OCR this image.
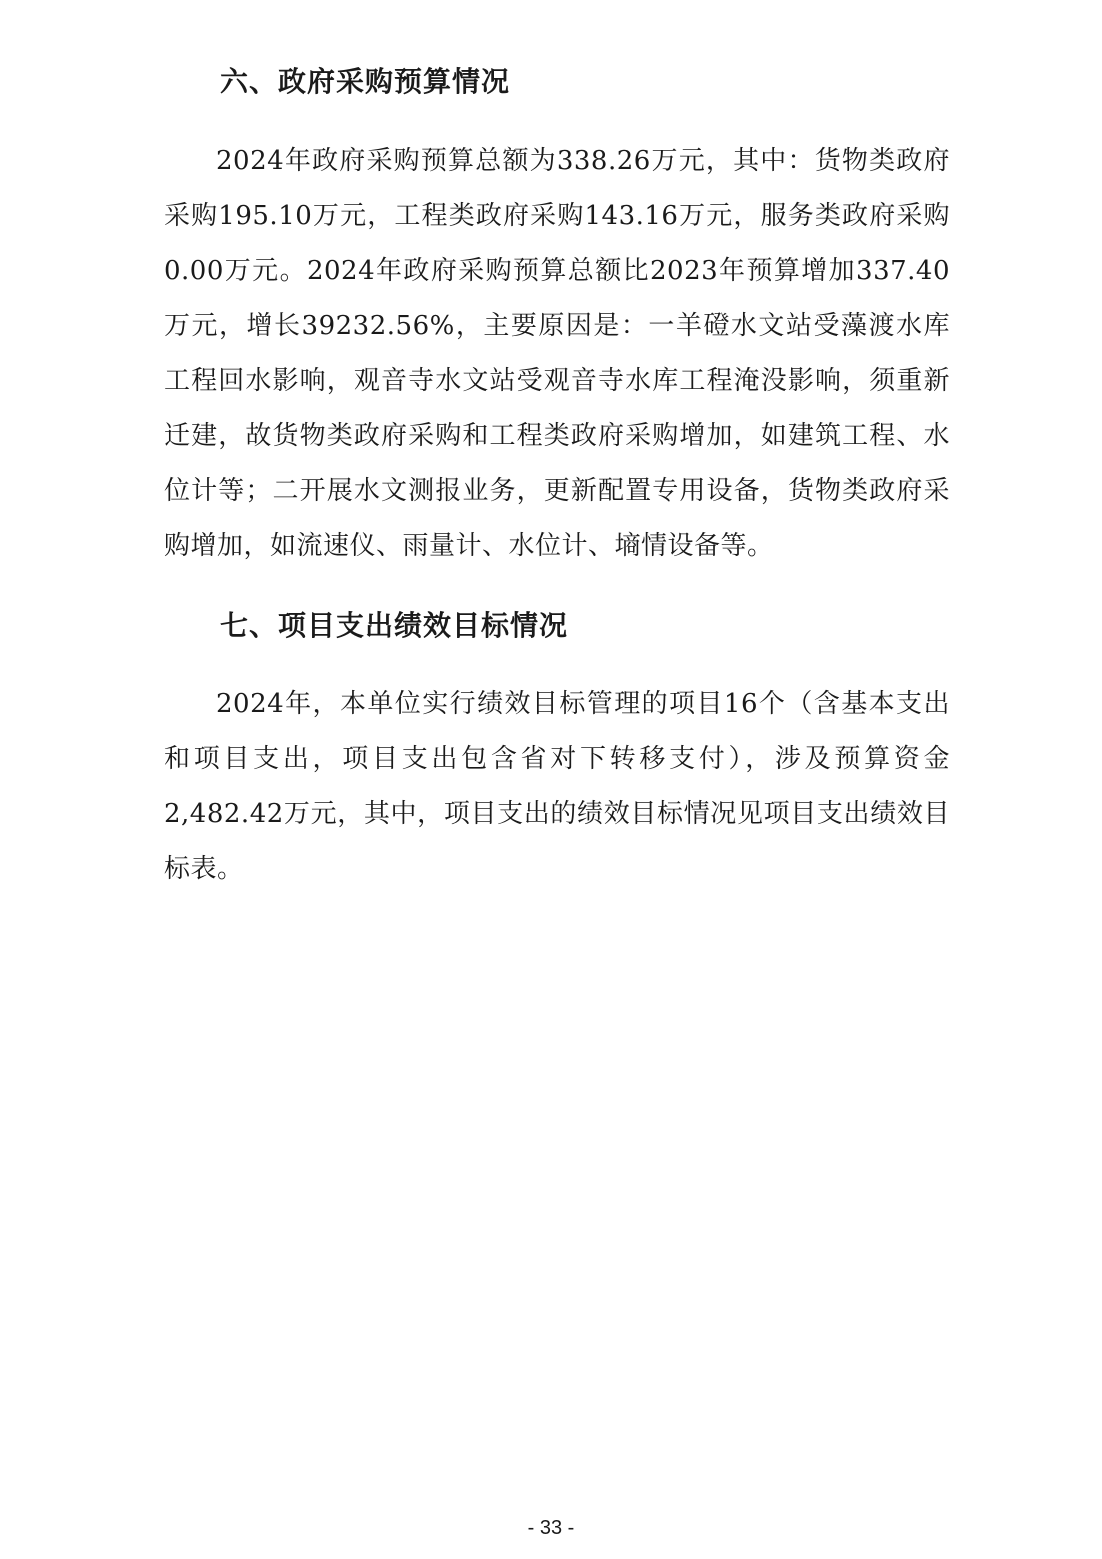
六、政府采购预算情况

2024年政府采购预算总额为338.26万元，其中：货物类政府采购195.10万元，工程类政府采购143.16万元，服务类政府采购0.00万元。2024年政府采购预算总额比2023年预算增加337.40万元，增长39232.56%，主要原因是：一羊磴水文站受藻渡水库工程回水影响，观音寺水文站受观音寺水库工程淹没影响，须重新迁建，故货物类政府采购和工程类政府采购增加，如建筑工程、水位计等；二开展水文测报业务，更新配置专用设备，货物类政府采购增加，如流速仪、雨量计、水位计、墒情设备等。

七、项目支出绩效目标情况

2024年，本单位实行绩效目标管理的项目16个（含基本支出和项目支出，项目支出包含省对下转移支付），涉及预算资金2,482.42万元，其中，项目支出的绩效目标情况见项目支出绩效目标表。

- 33 -
